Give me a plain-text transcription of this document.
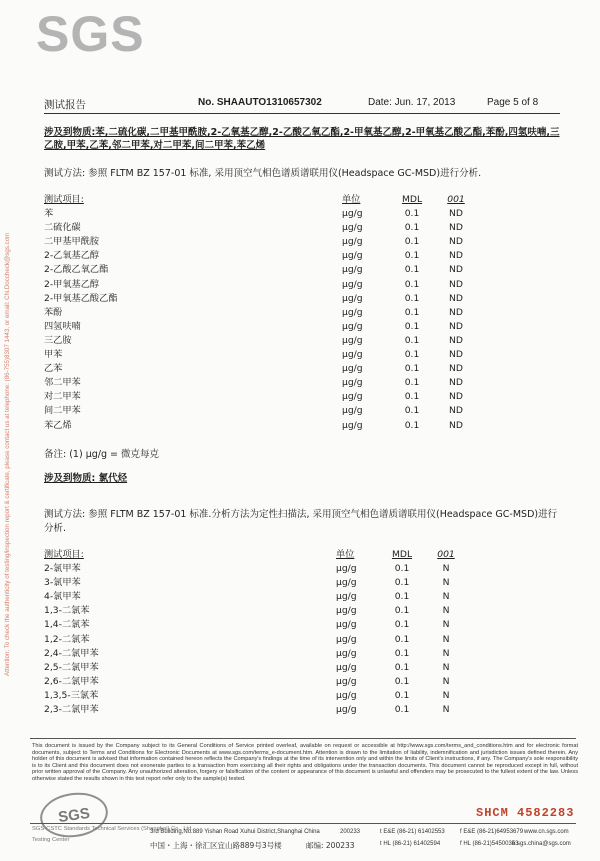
SGS
Attention: To check the authenticity of testing/inspection report & certificate, please contact us at telephone: (86-755)8307 1443, or email: CN.Doccheck@sgs.com
测试报告	No. SHAAUTO1310657302	Date: Jun. 17, 2013	Page 5 of 8
涉及到物质:苯,二硫化碳,二甲基甲酰胺,2-乙氧基乙醇,2-乙酸乙氧乙酯,2-甲氧基乙醇,2-甲氧基乙酸乙酯,苯酚,四氢呋喃,三乙胺,甲苯,乙苯,邻二甲苯,对二甲苯,间二甲苯,苯乙烯
测试方法: 参照 FLTM BZ 157-01 标准, 采用顶空气相色谱质谱联用仪(Headspace GC-MSD)进行分析.
测试项目:	单位	MDL	001
苯	µg/g	0.1	ND
二硫化碳	µg/g	0.1	ND
二甲基甲酰胺	µg/g	0.1	ND
2-乙氧基乙醇	µg/g	0.1	ND
2-乙酸乙氧乙酯	µg/g	0.1	ND
2-甲氧基乙醇	µg/g	0.1	ND
2-甲氧基乙酸乙酯	µg/g	0.1	ND
苯酚	µg/g	0.1	ND
四氢呋喃	µg/g	0.1	ND
三乙胺	µg/g	0.1	ND
甲苯	µg/g	0.1	ND
乙苯	µg/g	0.1	ND
邻二甲苯	µg/g	0.1	ND
对二甲苯	µg/g	0.1	ND
间二甲苯	µg/g	0.1	ND
苯乙烯	µg/g	0.1	ND
备注: (1) µg/g = 微克每克
涉及到物质: 氯代烃
测试方法: 参照 FLTM BZ 157-01 标准.分析方法为定性扫描法, 采用顶空气相色谱质谱联用仪(Headspace GC-MSD)进行分析.
测试项目:	单位	MDL	001
2-氯甲苯	µg/g	0.1	N
3-氯甲苯	µg/g	0.1	N
4-氯甲苯	µg/g	0.1	N
1,3-二氯苯	µg/g	0.1	N
1,4-二氯苯	µg/g	0.1	N
1,2-二氯苯	µg/g	0.1	N
2,4-二氯甲苯	µg/g	0.1	N
2,5-二氯甲苯	µg/g	0.1	N
2,6-二氯甲苯	µg/g	0.1	N
1,3,5-三氯苯	µg/g	0.1	N
2,3-二氯甲苯	µg/g	0.1	N
This document is issued by the Company subject to its General Conditions of Service printed overleaf, available on request or accessible at http://www.sgs.com/terms_and_conditions.htm and for electronic format documents, subject to Terms and Conditions for Electronic Documents at www.sgs.com/terms_e-document.htm. Attention is drawn to the limitation of liability, indemnification and jurisdiction issues defined therein. Any holder of this document is advised that information contained hereon reflects the Company's findings at the time of its intervention only and within the limits of Client's instructions, if any. The Company's sole responsibility is to its Client and this document does not exonerate parties to a transaction from exercising all their rights and obligations under the transaction documents. This document cannot be reproduced except in full, without prior written approval of the Company. Any unauthorized alteration, forgery or falsification of the content or appearance of this document is unlawful and offenders may be prosecuted to the fullest extent of the law. Unless otherwise stated the results shown in this test report refer only to the sample(s) tested.
SGS	SHCM 4582283
SGS-CSTC Standards Technical Services (Shanghai) Co., Ltd.
Testing Center
3rd Building,No.889 Yishan Road Xuhui District,Shanghai China	200233	t E&E (86-21) 61402553	f E&E (86-21)64953679 www.cn.sgs.com
中国・上海・徐汇区宜山路889号3号楼	邮编: 200233	t HL (86-21) 61402594	f HL (86-21)54500353
e sgs.china@sgs.com
